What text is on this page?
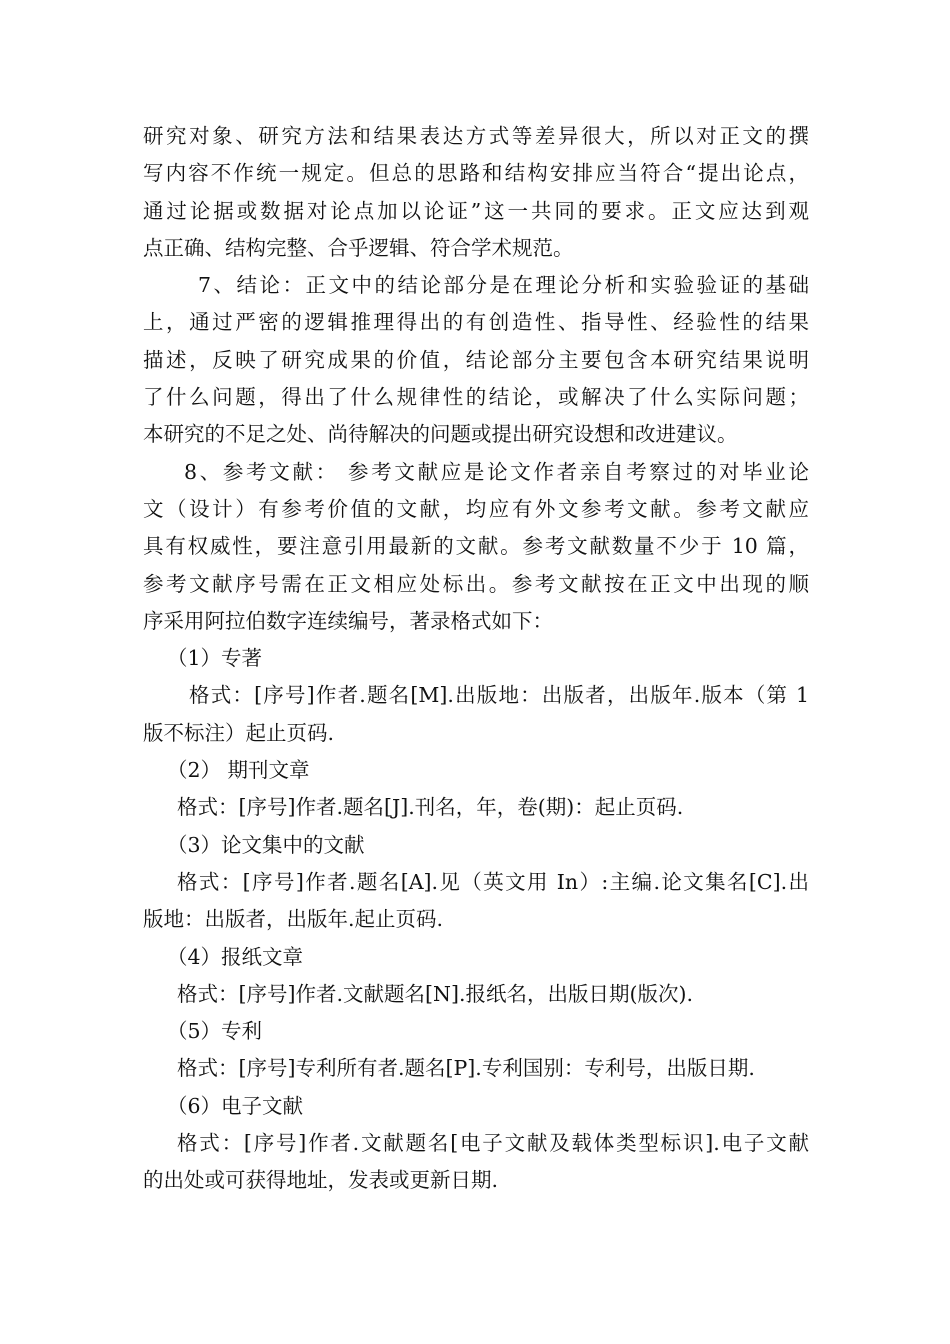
研究对象、研究方法和结果表达方式等差异很大，所以对正文的撰
写内容不作统一规定。但总的思路和结构安排应当符合“提出论点，
通过论据或数据对论点加以论证”这一共同的要求。正文应达到观
点正确、结构完整、合乎逻辑、符合学术规范。
7、结论：正文中的结论部分是在理论分析和实验验证的基础
上，通过严密的逻辑推理得出的有创造性、指导性、经验性的结果
描述，反映了研究成果的价值，结论部分主要包含本研究结果说明
了什么问题，得出了什么规律性的结论，或解决了什么实际问题；
本研究的不足之处、尚待解决的问题或提出研究设想和改进建议。
8、参考文献： 参考文献应是论文作者亲自考察过的对毕业论
文（设计）有参考价值的文献，均应有外文参考文献。参考文献应
具有权威性，要注意引用最新的文献。参考文献数量不少于 10 篇，
参考文献序号需在正文相应处标出。参考文献按在正文中出现的顺
序采用阿拉伯数字连续编号，著录格式如下：
（1）专著
格式：[序号]作者.题名[M].出版地：出版者，出版年.版本（第 1
版不标注）起止页码.
（2） 期刊文章
格式：[序号]作者.题名[J].刊名，年，卷(期)：起止页码.
（3）论文集中的文献
格式：[序号]作者.题名[A].见（英文用 In）:主编.论文集名[C].出
版地：出版者，出版年.起止页码.
（4）报纸文章
格式：[序号]作者.文献题名[N].报纸名，出版日期(版次).
（5）专利
格式：[序号]专利所有者.题名[P].专利国别：专利号，出版日期.
（6）电子文献
格式：[序号]作者.文献题名[电子文献及载体类型标识].电子文献
的出处或可获得地址，发表或更新日期.
